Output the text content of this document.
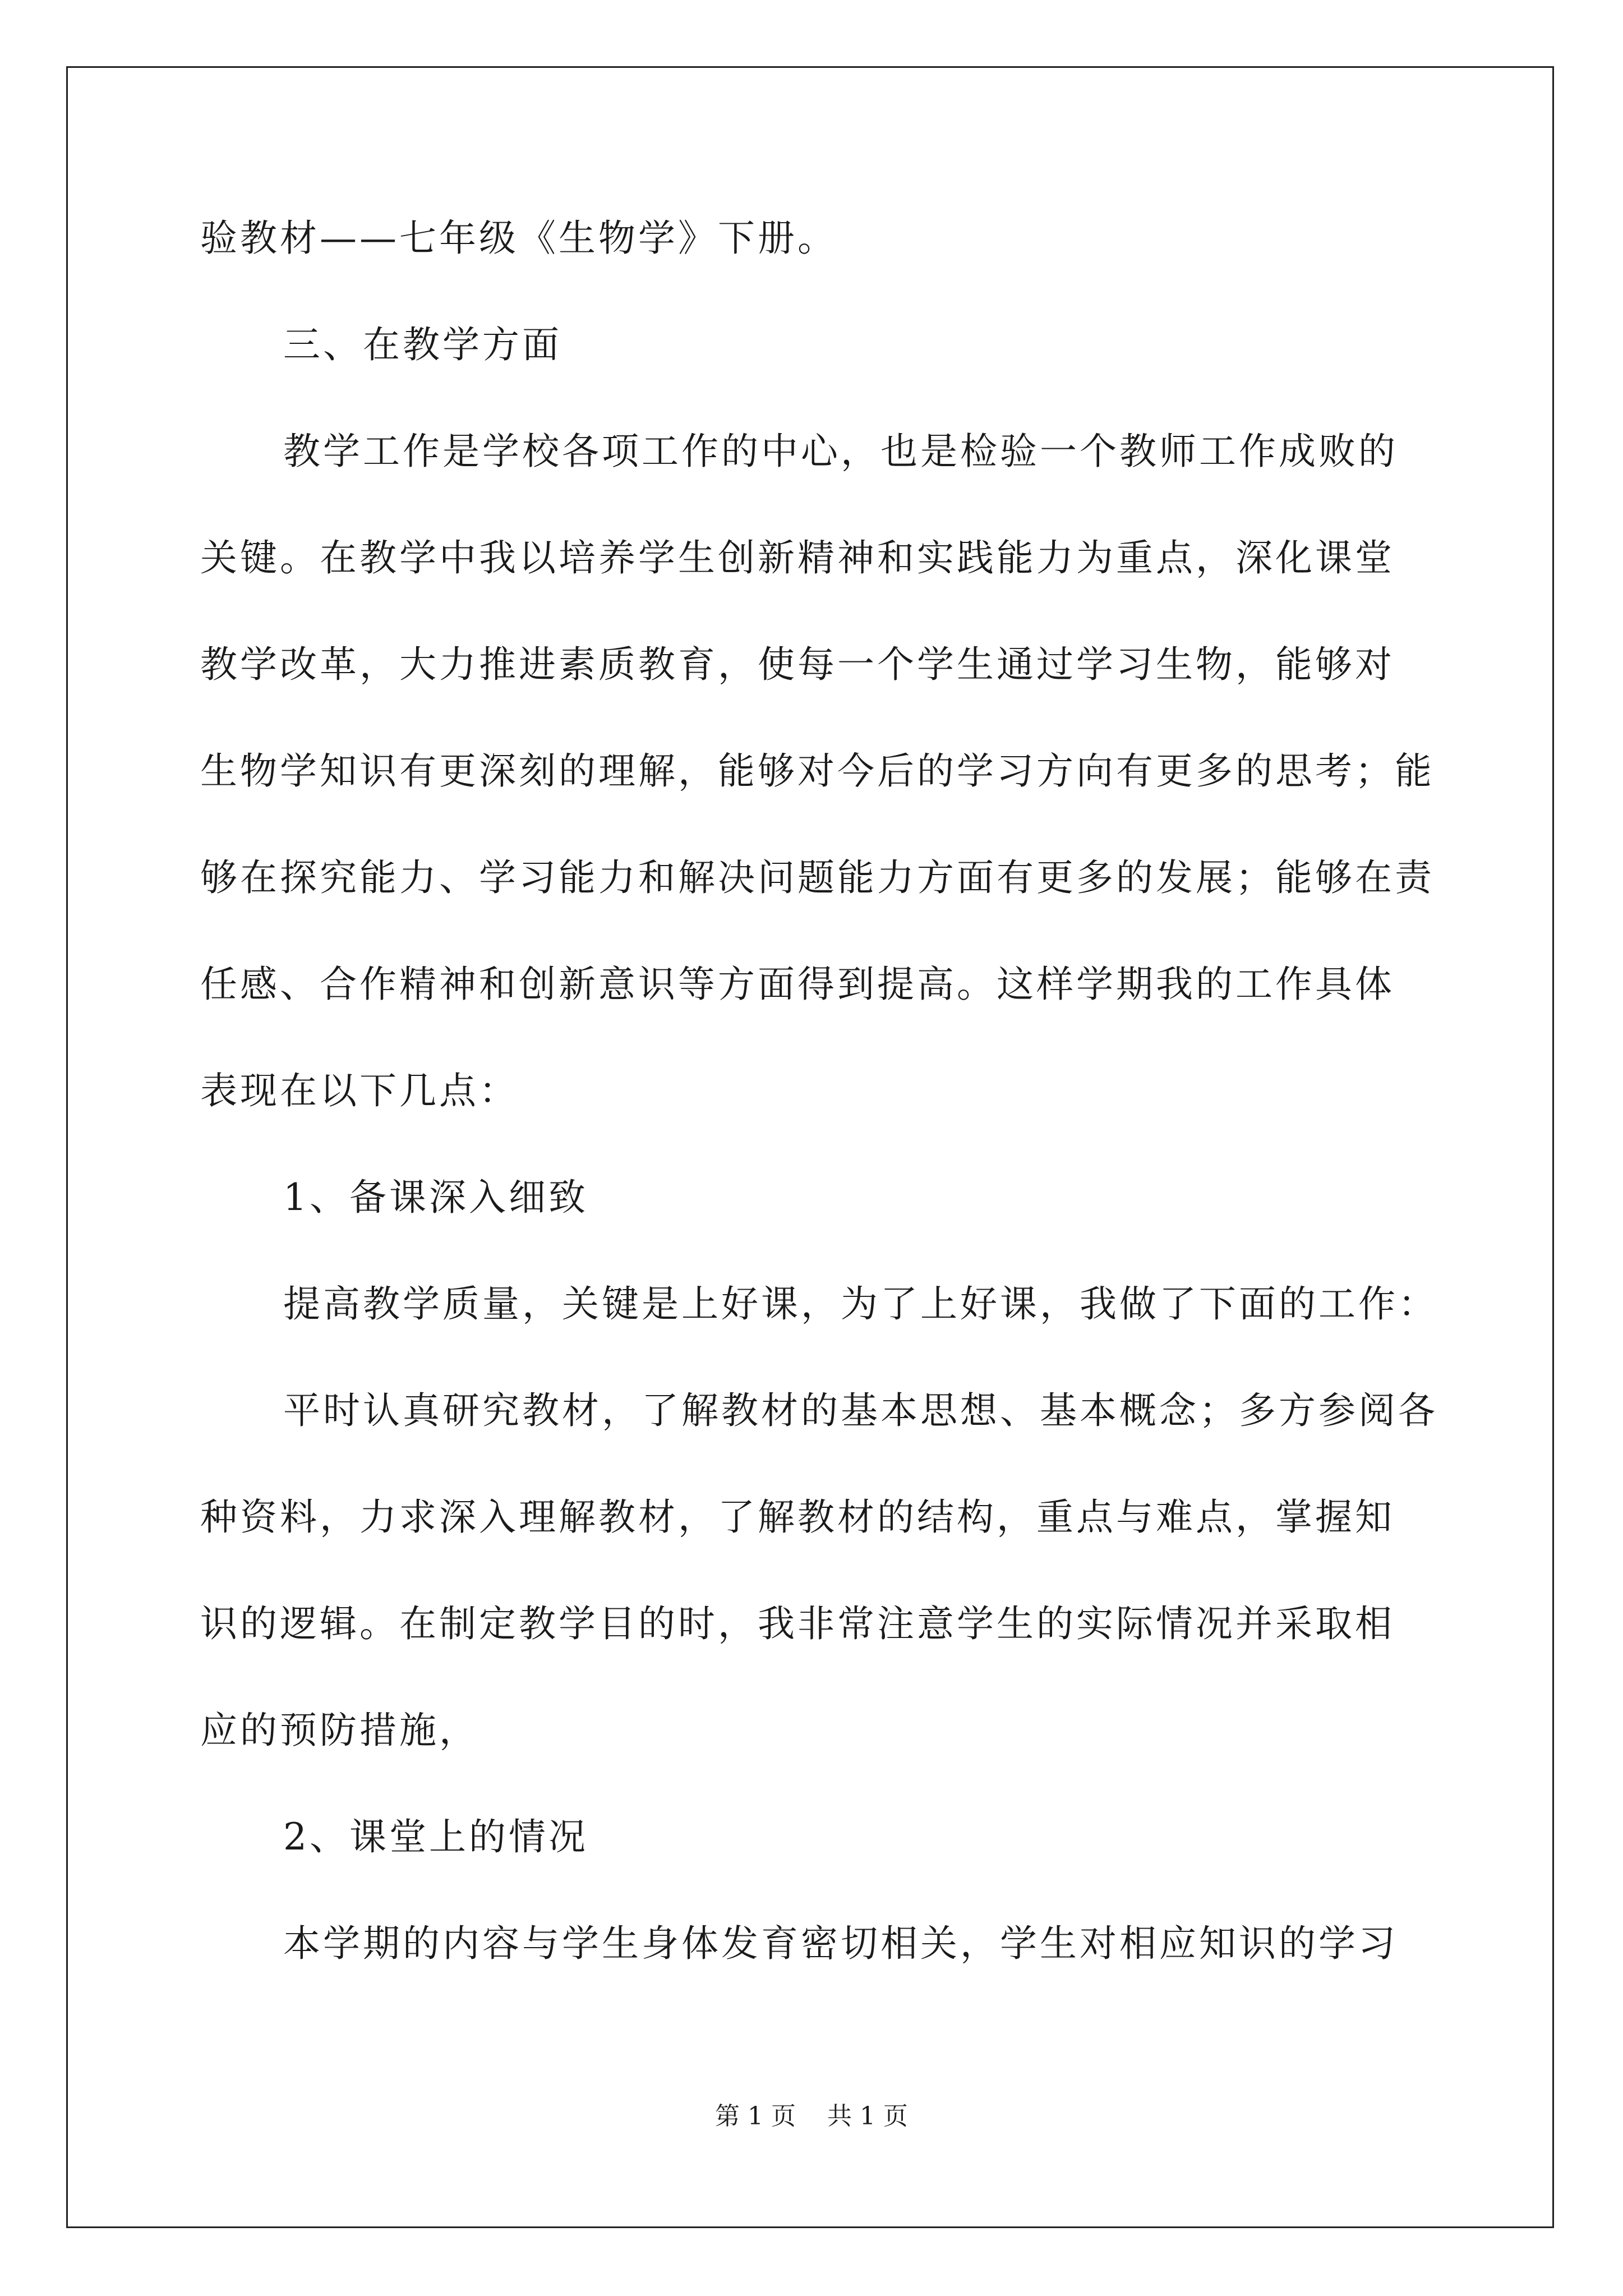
验教材——七年级《生物学》下册。
三、在教学方面
教学工作是学校各项工作的中心，也是检验一个教师工作成败的
关键。在教学中我以培养学生创新精神和实践能力为重点，深化课堂
教学改革，大力推进素质教育，使每一个学生通过学习生物，能够对
生物学知识有更深刻的理解，能够对今后的学习方向有更多的思考；能
够在探究能力、学习能力和解决问题能力方面有更多的发展；能够在责
任感、合作精神和创新意识等方面得到提高。这样学期我的工作具体
表现在以下几点：
1、备课深入细致
提高教学质量，关键是上好课，为了上好课，我做了下面的工作：
平时认真研究教材，了解教材的基本思想、基本概念；多方参阅各
种资料，力求深入理解教材，了解教材的结构，重点与难点，掌握知
识的逻辑。在制定教学目的时，我非常注意学生的实际情况并采取相
应的预防措施，
2、课堂上的情况
本学期的内容与学生身体发育密切相关，学生对相应知识的学习
第 1 页    共 1 页
